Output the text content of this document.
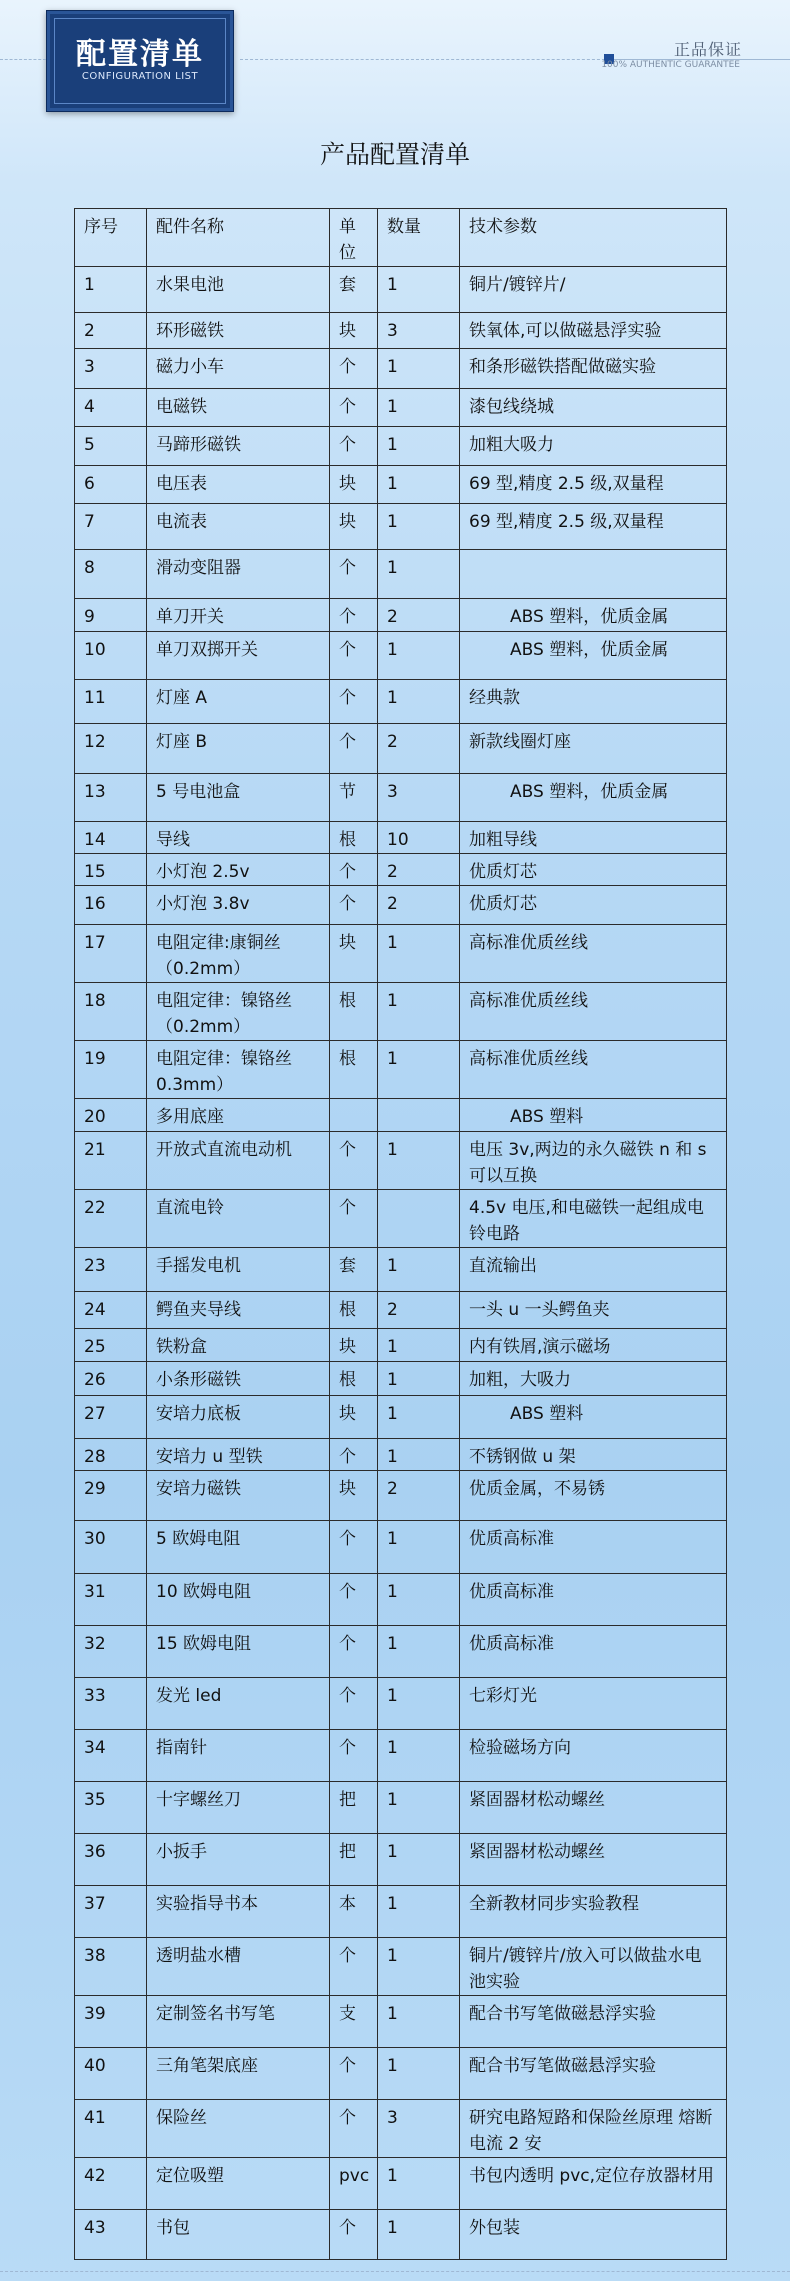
配置清单
CONFIGURATION LIST
正品保证
100% AUTHENTIC GUARANTEE
产品配置清单
序号	配件名称	单位	数量	技术参数
1	水果电池	套	1	铜片/镀锌片/
2	环形磁铁	块	3	铁氧体,可以做磁悬浮实验
3	磁力小车	个	1	和条形磁铁搭配做磁实验
4	电磁铁	个	1	漆包线绕城
5	马蹄形磁铁	个	1	加粗大吸力
6	电压表	块	1	69 型,精度 2.5 级,双量程
7	电流表	块	1	69 型,精度 2.5 级,双量程
8	滑动变阻器	个	1	
9	单刀开关	个	2	ABS 塑料，优质金属
10	单刀双掷开关	个	1	ABS 塑料，优质金属
11	灯座 A	个	1	经典款
12	灯座 B	个	2	新款线圈灯座
13	5 号电池盒	节	3	ABS 塑料，优质金属
14	导线	根	10	加粗导线
15	小灯泡 2.5v	个	2	优质灯芯
16	小灯泡 3.8v	个	2	优质灯芯
17	电阻定律:康铜丝（0.2mm）	块	1	高标准优质丝线
18	电阻定律：镍铬丝（0.2mm）	根	1	高标准优质丝线
19	电阻定律：镍铬丝 0.3mm）	根	1	高标准优质丝线
20	多用底座			ABS 塑料
21	开放式直流电动机	个	1	电压 3v,两边的永久磁铁 n 和 s 可以互换
22	直流电铃	个		4.5v 电压,和电磁铁一起组成电铃电路
23	手摇发电机	套	1	直流输出
24	鳄鱼夹导线	根	2	一头 u 一头鳄鱼夹
25	铁粉盒	块	1	内有铁屑,演示磁场
26	小条形磁铁	根	1	加粗，大吸力
27	安培力底板	块	1	ABS 塑料
28	安培力 u 型铁	个	1	不锈钢做 u 架
29	安培力磁铁	块	2	优质金属，不易锈
30	5 欧姆电阻	个	1	优质高标准
31	10 欧姆电阻	个	1	优质高标准
32	15 欧姆电阻	个	1	优质高标准
33	发光 led	个	1	七彩灯光
34	指南针	个	1	检验磁场方向
35	十字螺丝刀	把	1	紧固器材松动螺丝
36	小扳手	把	1	紧固器材松动螺丝
37	实验指导书本	本	1	全新教材同步实验教程
38	透明盐水槽	个	1	铜片/镀锌片/放入可以做盐水电池实验
39	定制签名书写笔	支	1	配合书写笔做磁悬浮实验
40	三角笔架底座	个	1	配合书写笔做磁悬浮实验
41	保险丝	个	3	研究电路短路和保险丝原理 熔断电流 2 安
42	定位吸塑	pvc	1	书包内透明 pvc,定位存放器材用
43	书包	个	1	外包装
